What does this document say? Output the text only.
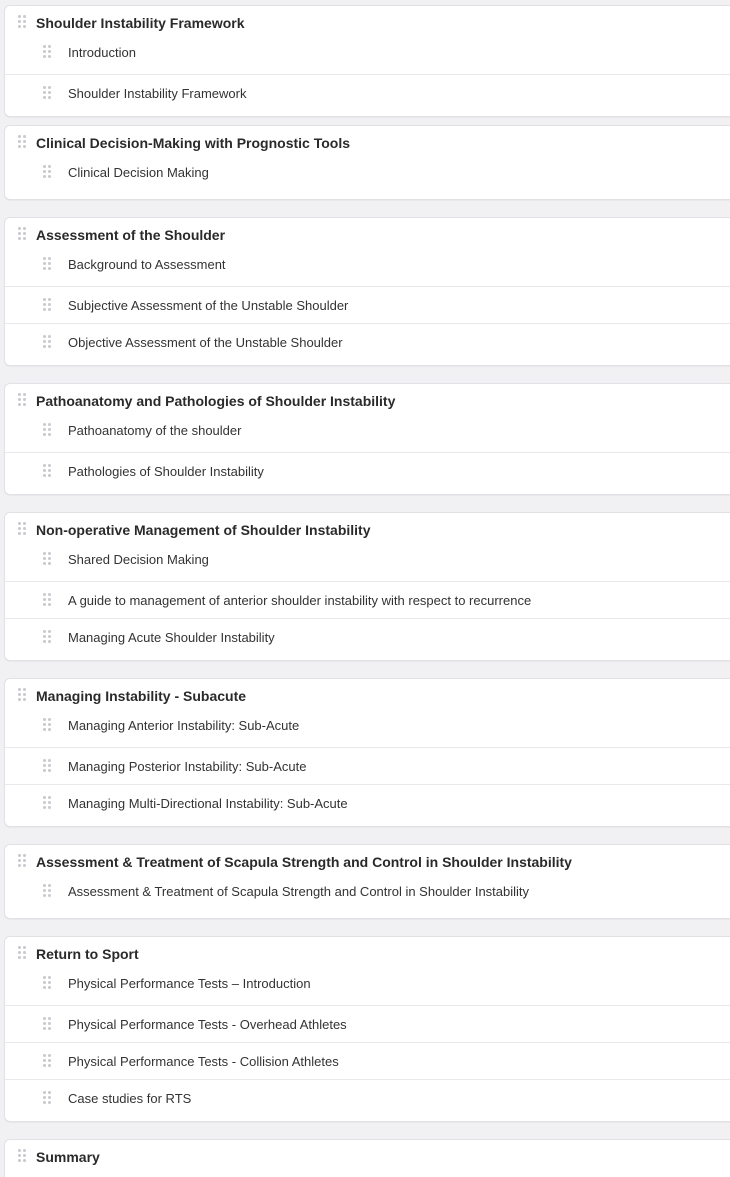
Shoulder Instability Framework
Introduction
Shoulder Instability Framework
Clinical Decision-Making with Prognostic Tools
Clinical Decision Making
Assessment of the Shoulder
Background to Assessment
Subjective Assessment of the Unstable Shoulder
Objective Assessment of the Unstable Shoulder
Pathoanatomy and Pathologies of Shoulder Instability
Pathoanatomy of the shoulder
Pathologies of Shoulder Instability
Non-operative Management of Shoulder Instability
Shared Decision Making
A guide to management of anterior shoulder instability with respect to recurrence
Managing Acute Shoulder Instability
Managing Instability - Subacute
Managing Anterior Instability: Sub-Acute
Managing Posterior Instability: Sub-Acute
Managing Multi-Directional Instability: Sub-Acute
Assessment & Treatment of Scapula Strength and Control in Shoulder Instability
Assessment & Treatment of Scapula Strength and Control in Shoulder Instability
Return to Sport
Physical Performance Tests – Introduction
Physical Performance Tests - Overhead Athletes
Physical Performance Tests - Collision Athletes
Case studies for RTS
Summary
